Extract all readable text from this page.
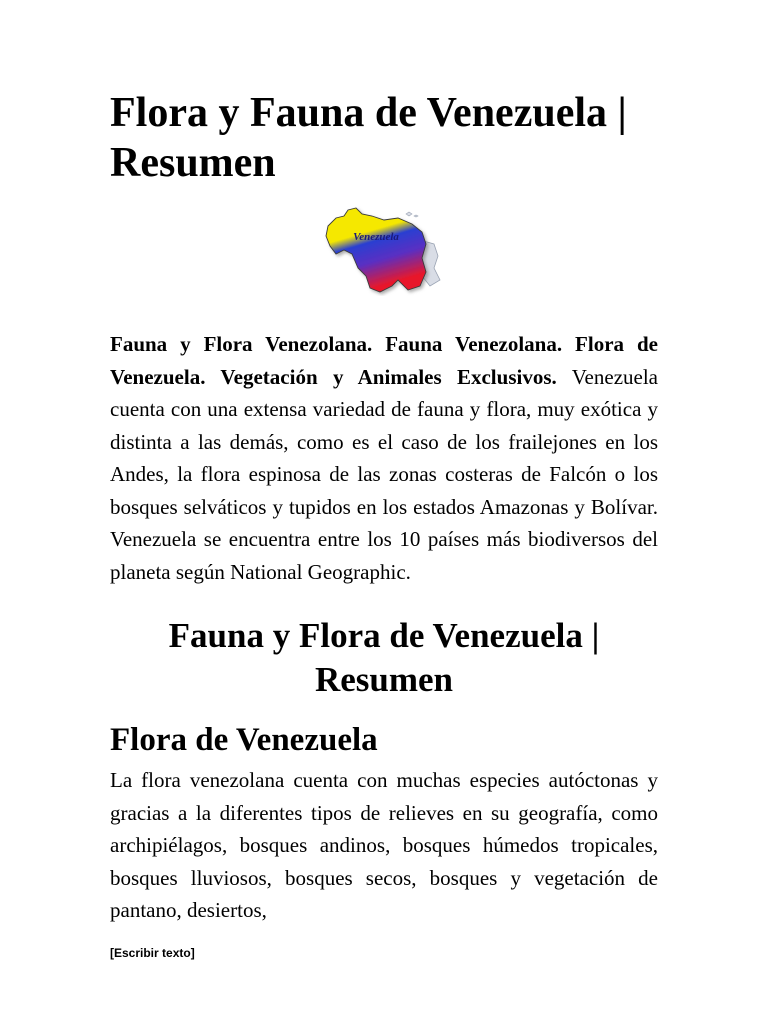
Flora y Fauna de Venezuela | Resumen
Venezuela

Fauna y Flora Venezolana. Fauna Venezolana. Flora de Venezuela. Vegetación y Animales Exclusivos. Venezuela cuenta con una extensa variedad de fauna y flora, muy exótica y distinta a las demás, como es el caso de los frailejones en los Andes, la flora espinosa de las zonas costeras de Falcón o los bosques selváticos y tupidos en los estados Amazonas y Bolívar. Venezuela se encuentra entre los 10 países más biodiversos del planeta según National Geographic.

Fauna y Flora de Venezuela | Resumen
Flora de Venezuela

La flora venezolana cuenta con muchas especies autóctonas y gracias a la diferentes tipos de relieves en su geografía, como archipiélagos, bosques andinos, bosques húmedos tropicales, bosques lluviosos, bosques secos, bosques y vegetación de pantano, desiertos,

[Escribir texto]
